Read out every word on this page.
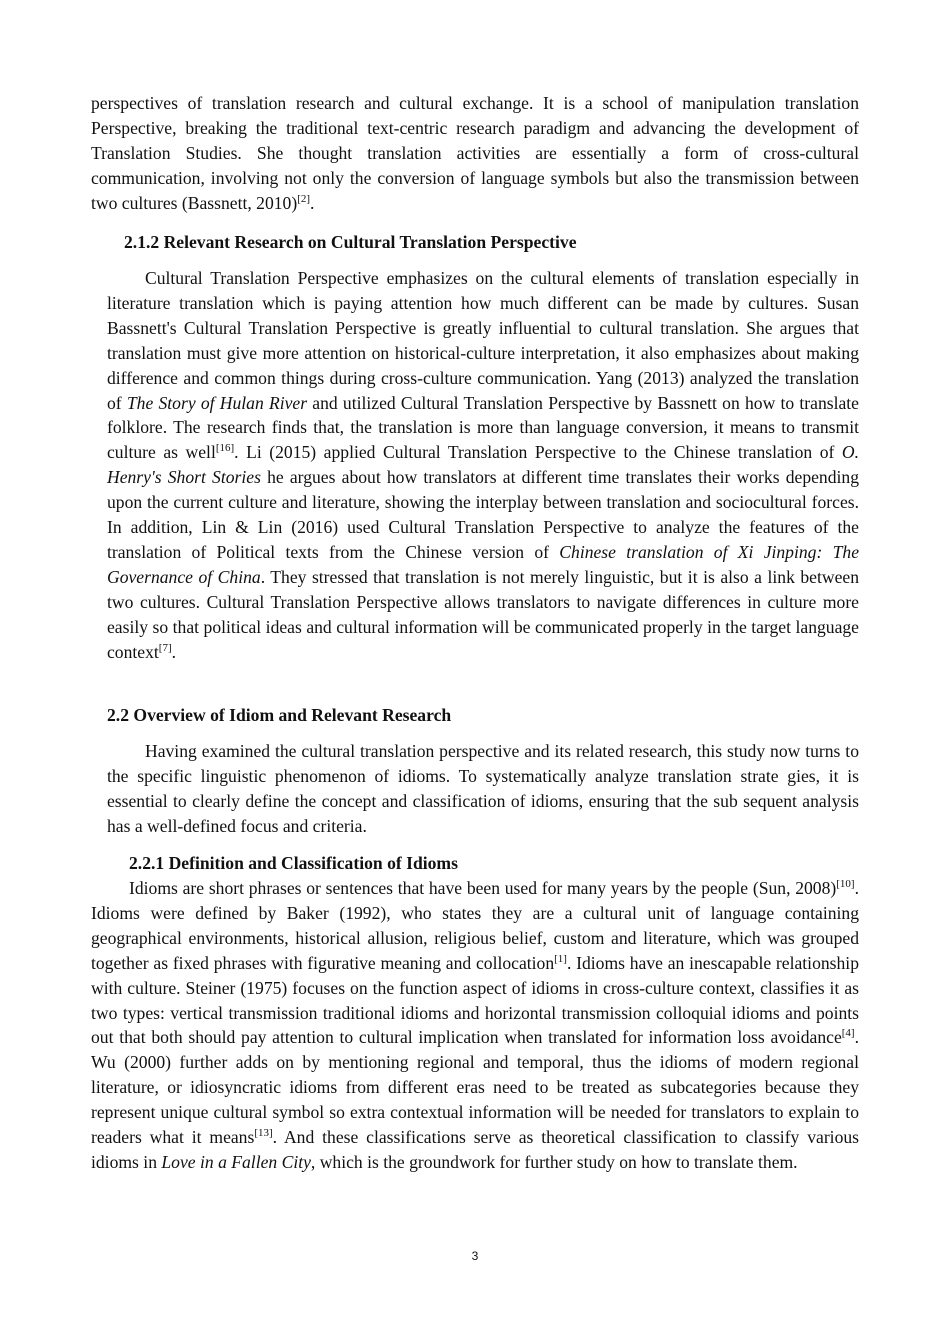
perspectives of translation research and cultural exchange. It is a school of manipulation translation Perspective, breaking the traditional text-centric research paradigm and advancing the development of Translation Studies. She thought translation activities are essentially a form of cross-cultural communication, involving not only the conversion of language symbols but also the transmission between two cultures (Bassnett, 2010)[2].

2.1.2 Relevant Research on Cultural Translation Perspective

Cultural Translation Perspective emphasizes on the cultural elements of translation especially in literature translation which is paying attention how much different can be made by cultures. Susan Bassnett's Cultural Translation Perspective is greatly influential to cultural translation. She argues that translation must give more attention on historical-culture interpretation, it also emphasizes about making difference and common things during cross-culture communication. Yang (2013) analyzed the translation of The Story of Hulan River and utilized Cultural Translation Perspective by Bassnett on how to translate folklore. The research finds that, the translation is more than language conversion, it means to transmit culture as well[16]. Li (2015) applied Cultural Translation Perspective to the Chinese translation of O. Henry's Short Stories he argues about how translators at different time translates their works depending upon the current culture and literature, showing the interplay between translation and sociocultural forces. In addition, Lin & Lin (2016) used Cultural Translation Perspective to analyze the features of the translation of Political texts from the Chinese version of Chinese translation of Xi Jinping: The Governance of China. They stressed that translation is not merely linguistic, but it is also a link between two cultures. Cultural Translation Perspective allows translators to navigate differences in culture more easily so that political ideas and cultural information will be communicated properly in the target language context[7].

2.2 Overview of Idiom and Relevant Research

Having examined the cultural translation perspective and its related research, this study now turns to the specific linguistic phenomenon of idioms. To systematically analyze translation strate gies, it is essential to clearly define the concept and classification of idioms, ensuring that the sub sequent analysis has a well-defined focus and criteria.

2.2.1 Definition and Classification of Idioms

Idioms are short phrases or sentences that have been used for many years by the people (Sun, 2008)[10]. Idioms were defined by Baker (1992), who states they are a cultural unit of language containing geographical environments, historical allusion, religious belief, custom and literature, which was grouped together as fixed phrases with figurative meaning and collocation[1]. Idioms have an inescapable relationship with culture. Steiner (1975) focuses on the function aspect of idioms in cross-culture context, classifies it as two types: vertical transmission traditional idioms and horizontal transmission colloquial idioms and points out that both should pay attention to cultural implication when translated for information loss avoidance[4]. Wu (2000) further adds on by mentioning regional and temporal, thus the idioms of modern regional literature, or idiosyncratic idioms from different eras need to be treated as subcategories because they represent unique cultural symbol so extra contextual information will be needed for translators to explain to readers what it means[13]. And these classifications serve as theoretical classification to classify various idioms in Love in a Fallen City, which is the groundwork for further study on how to translate them.

3
